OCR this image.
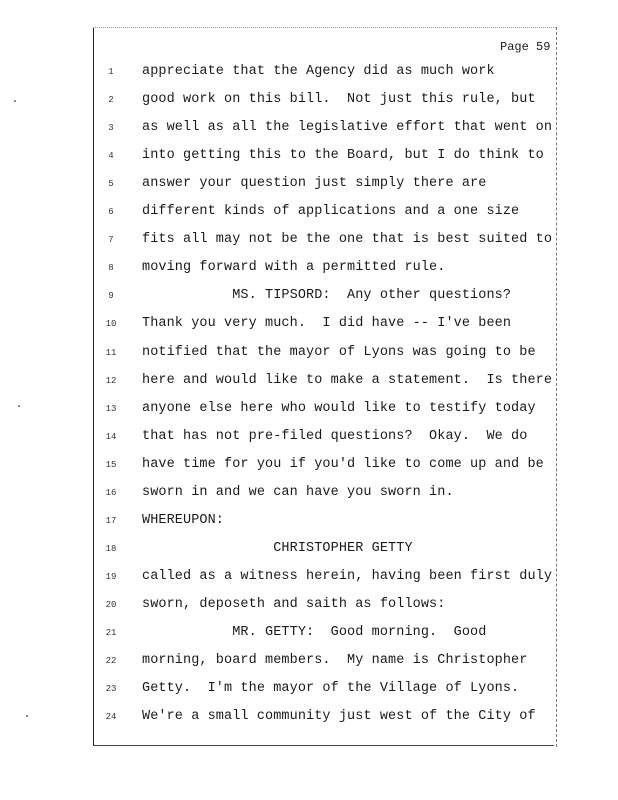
Page 59
1	appreciate that the Agency did as much work
2	good work on this bill.  Not just this rule, but
3	as well as all the legislative effort that went on
4	into getting this to the Board, but I do think to
5	answer your question just simply there are
6	different kinds of applications and a one size
7	fits all may not be the one that is best suited to
8	moving forward with a permitted rule.
9	MS. TIPSORD:  Any other questions?
10	Thank you very much.  I did have -- I've been
11	notified that the mayor of Lyons was going to be
12	here and would like to make a statement.  Is there
13	anyone else here who would like to testify today
14	that has not pre-filed questions?  Okay.  We do
15	have time for you if you'd like to come up and be
16	sworn in and we can have you sworn in.
17	WHEREUPON:
18	CHRISTOPHER GETTY
19	called as a witness herein, having been first duly
20	sworn, deposeth and saith as follows:
21	MR. GETTY:  Good morning.  Good
22	morning, board members.  My name is Christopher
23	Getty.  I'm the mayor of the Village of Lyons.
24	We're a small community just west of the City of
